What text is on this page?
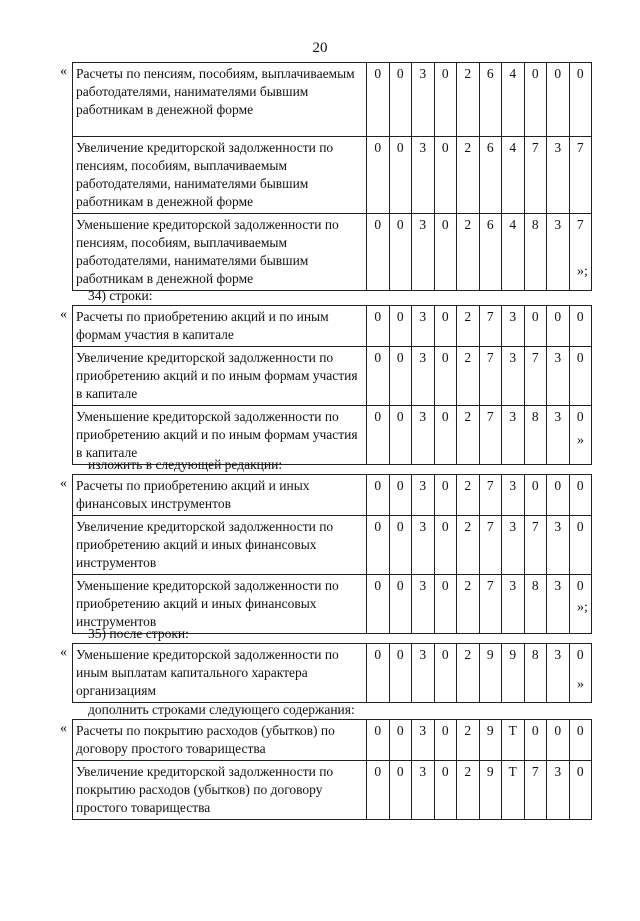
20
« Расчеты по пенсиям, пособиям, выплачиваемым работодателями, нанимателями бывшим работникам в денежной форме	0	0	3	0	2	6	4	0	0	0
Увеличение кредиторской задолженности по пенсиям, пособиям, выплачиваемым работодателями, нанимателями бывшим работникам в денежной форме	0	0	3	0	2	6	4	7	3	7
Уменьшение кредиторской задолженности по пенсиям, пособиям, выплачиваемым работодателями, нанимателями бывшим работникам в денежной форме	0	0	3	0	2	6	4	8	3	7
»;
34) строки:
« Расчеты по приобретению акций и по иным формам участия в капитале	0	0	3	0	2	7	3	0	0	0
Увеличение кредиторской задолженности по приобретению акций и по иным формам участия в капитале	0	0	3	0	2	7	3	7	3	0
Уменьшение кредиторской задолженности по приобретению акций и по иным формам участия в капитале	0	0	3	0	2	7	3	8	3	0
»
изложить в следующей редакции:
« Расчеты по приобретению акций и иных финансовых инструментов	0	0	3	0	2	7	3	0	0	0
Увеличение кредиторской задолженности по приобретению акций и иных финансовых инструментов	0	0	3	0	2	7	3	7	3	0
Уменьшение кредиторской задолженности по приобретению акций и иных финансовых инструментов	0	0	3	0	2	7	3	8	3	0
»;
35) после строки:
« Уменьшение кредиторской задолженности по иным выплатам капитального характера организациям	0	0	3	0	2	9	9	8	3	0
»
дополнить строками следующего содержания:
« Расчеты по покрытию расходов (убытков) по договору простого товарищества	0	0	3	0	2	9	Т	0	0	0
Увеличение кредиторской задолженности по покрытию расходов (убытков) по договору простого товарищества	0	0	3	0	2	9	Т	7	3	0
